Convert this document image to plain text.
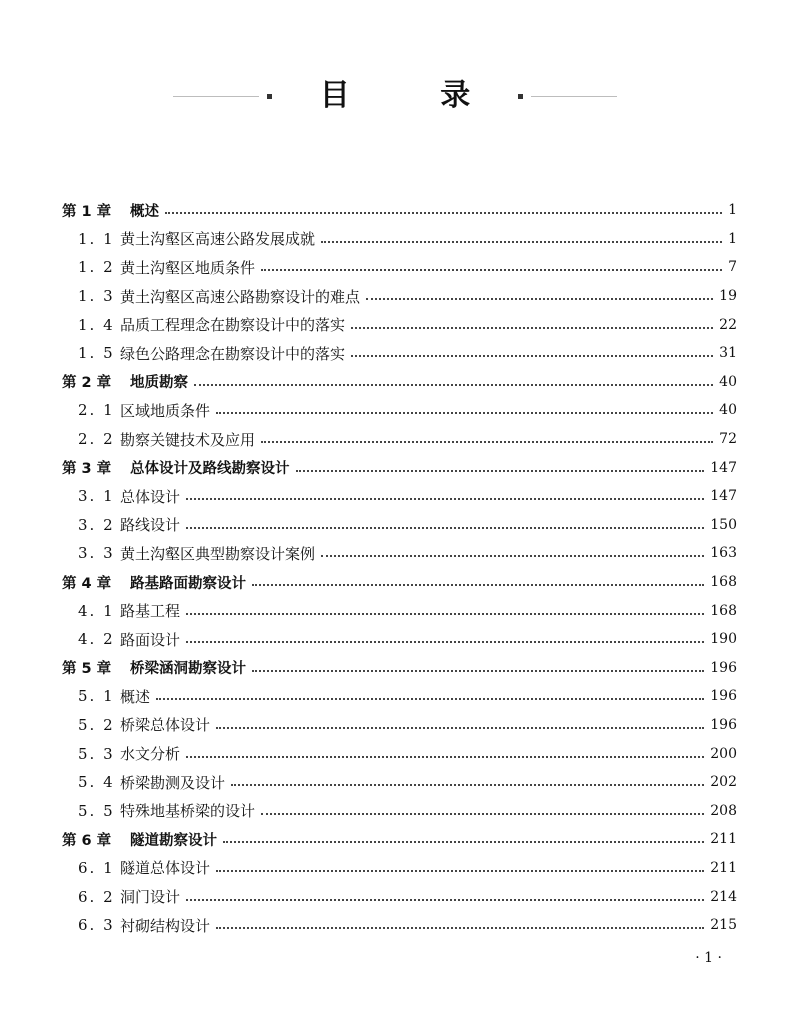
目 录
第 1 章	概述	1
1. 1 黄土沟壑区高速公路发展成就	1
1. 2 黄土沟壑区地质条件	7
1. 3 黄土沟壑区高速公路勘察设计的难点	19
1. 4 品质工程理念在勘察设计中的落实	22
1. 5 绿色公路理念在勘察设计中的落实	31
第 2 章	地质勘察	40
2. 1 区域地质条件	40
2. 2 勘察关键技术及应用	72
第 3 章	总体设计及路线勘察设计	147
3. 1 总体设计	147
3. 2 路线设计	150
3. 3 黄土沟壑区典型勘察设计案例	163
第 4 章	路基路面勘察设计	168
4. 1 路基工程	168
4. 2 路面设计	190
第 5 章	桥梁涵洞勘察设计	196
5. 1 概述	196
5. 2 桥梁总体设计	196
5. 3 水文分析	200
5. 4 桥梁勘测及设计	202
5. 5 特殊地基桥梁的设计	208
第 6 章	隧道勘察设计	211
6. 1 隧道总体设计	211
6. 2 洞门设计	214
6. 3 衬砌结构设计	215
· 1 ·
